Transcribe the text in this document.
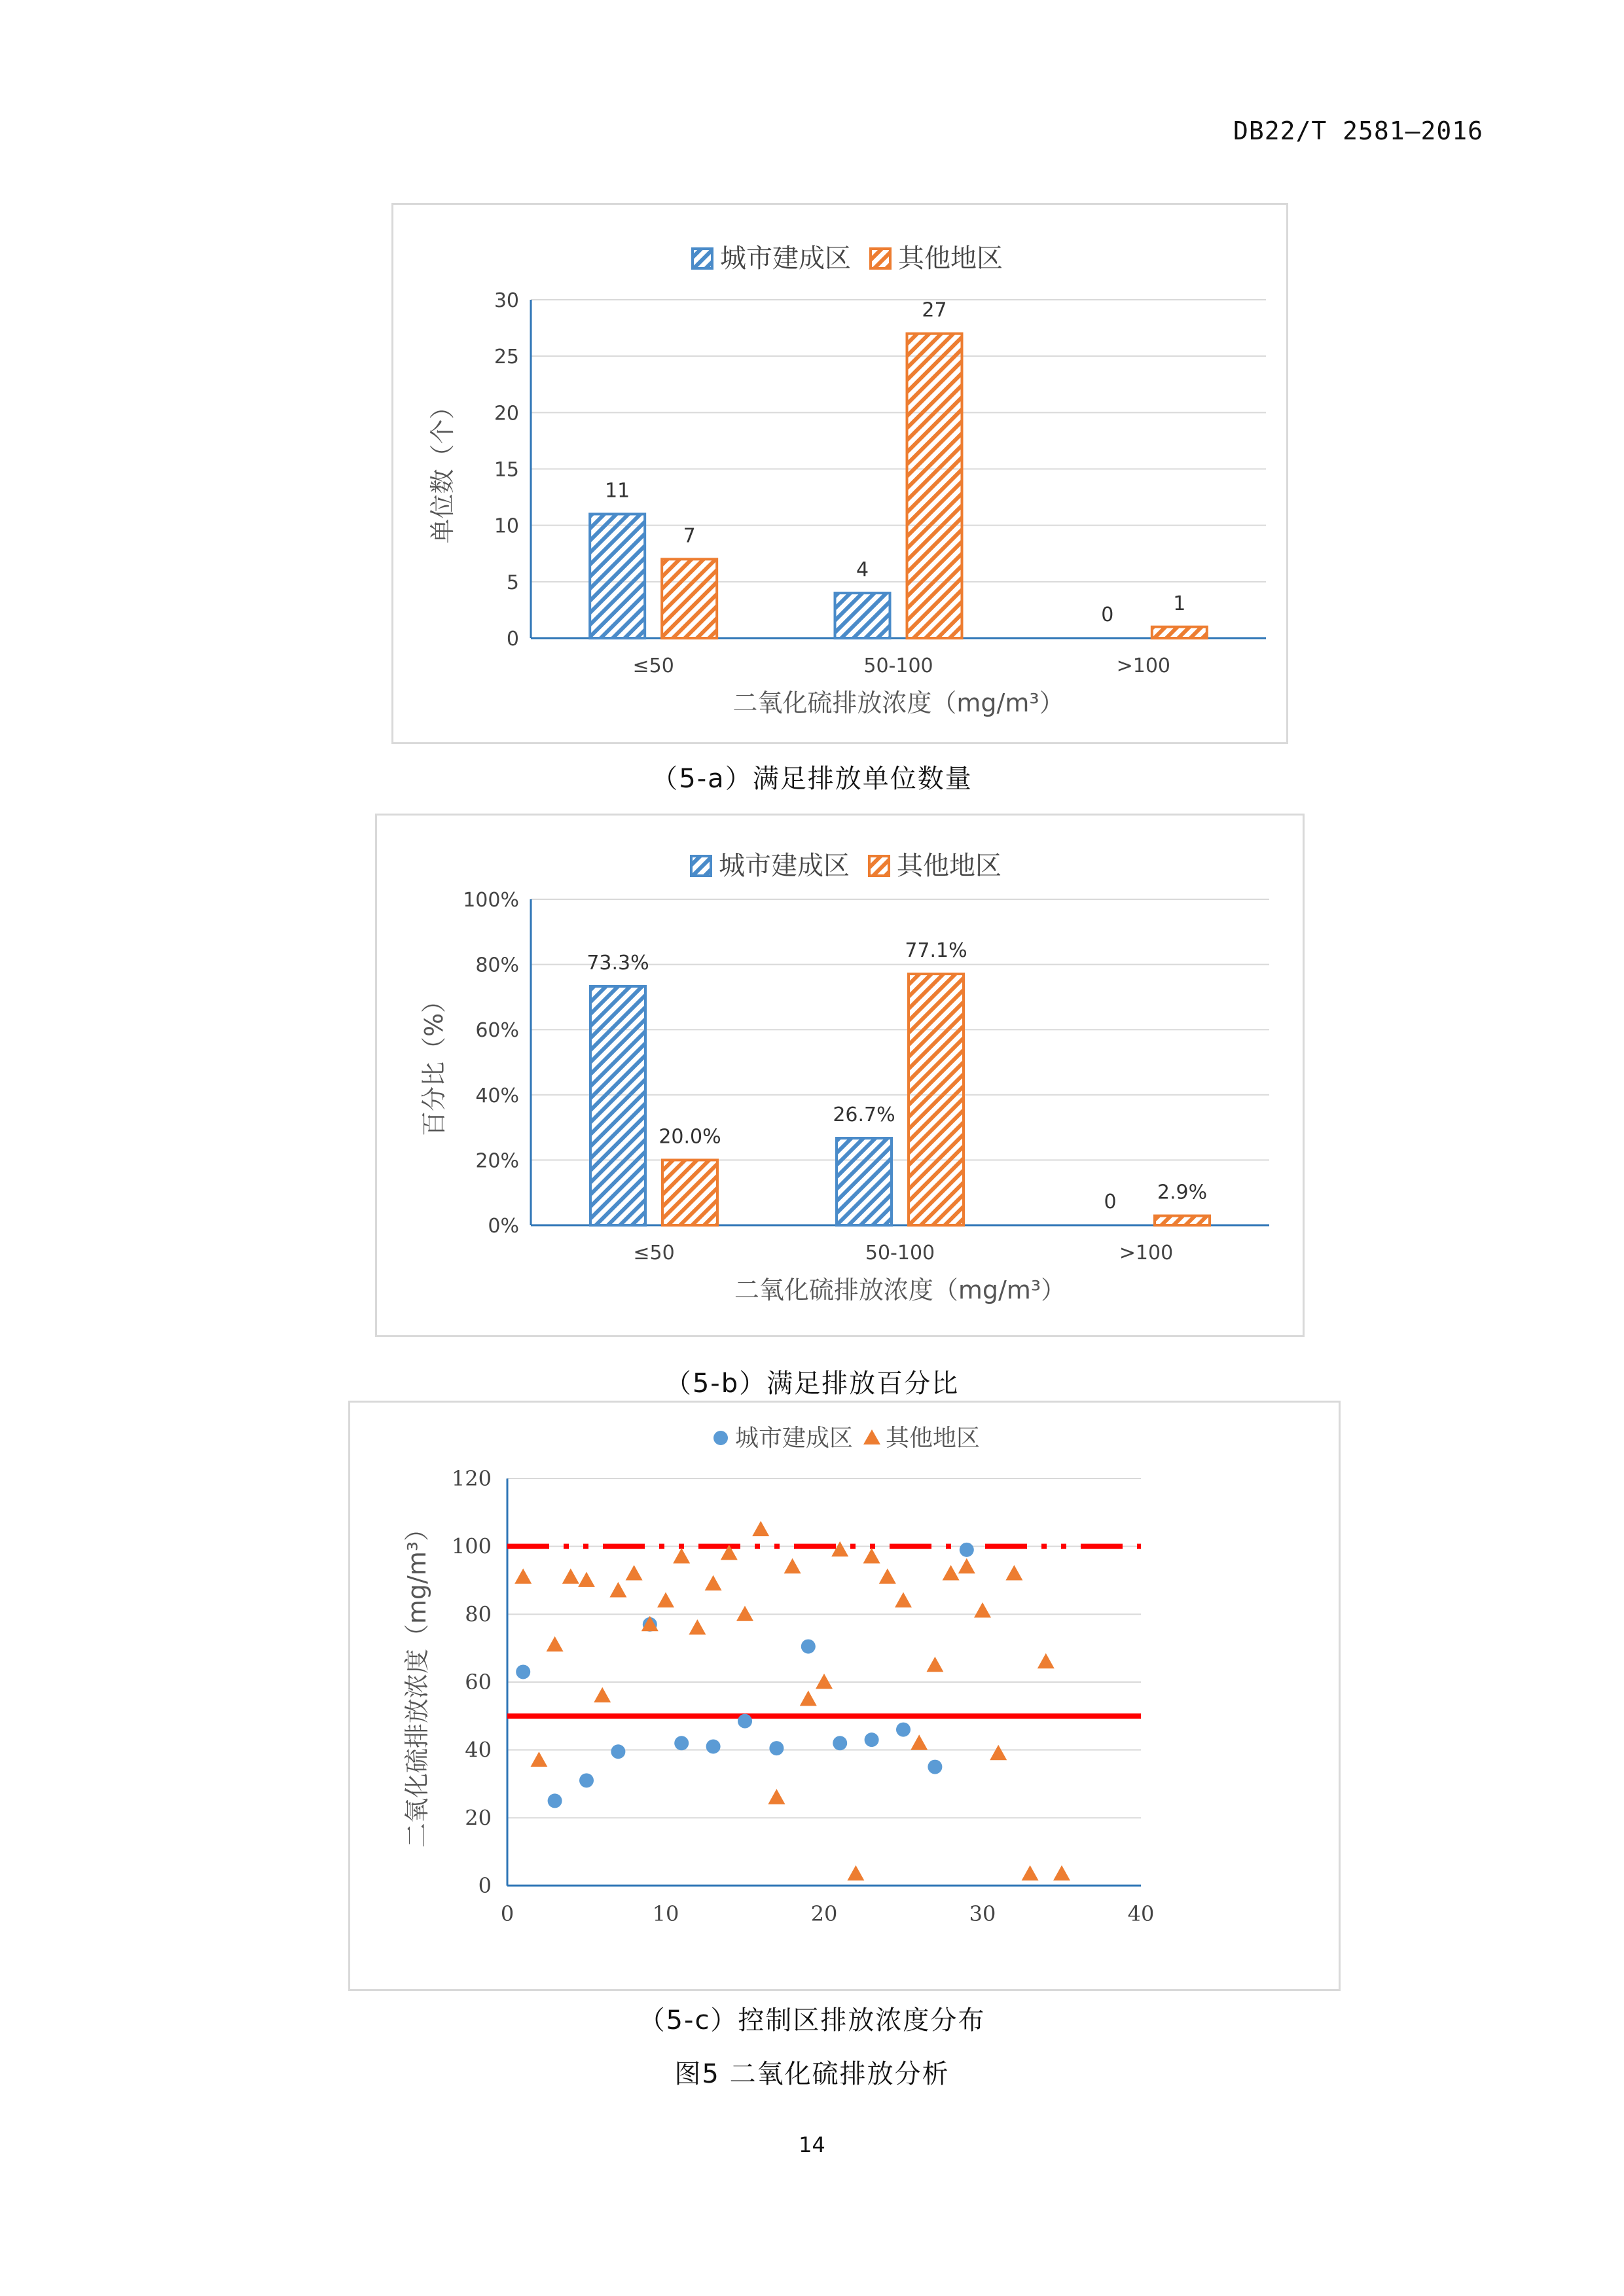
DB22/T 2581—2016
0
5
10
15
20
25
30
≤50
11
7
50-100
4
27
>100
0	1
城市建成区 其他地区
二氧化硫排放浓度（mg/m³）
单位数（个）
（5-a）满足排放单位数量
0%
20%
40%
60%
80%
100%
≤50
73.3%
20.0%
50-100
26.7%
77.1%
>100
0 2.9%
城市建成区 其他地区
二氧化硫排放浓度（mg/m³）
百分比（%）
（5-b）满足排放百分比
0
20
40
60
80
100
120
0	10	20	30	40
城市建成区 其他地区
二氧化硫排放浓度（mg/m³）
（5-c）控制区排放浓度分布
图5 二氧化硫排放分析
14
